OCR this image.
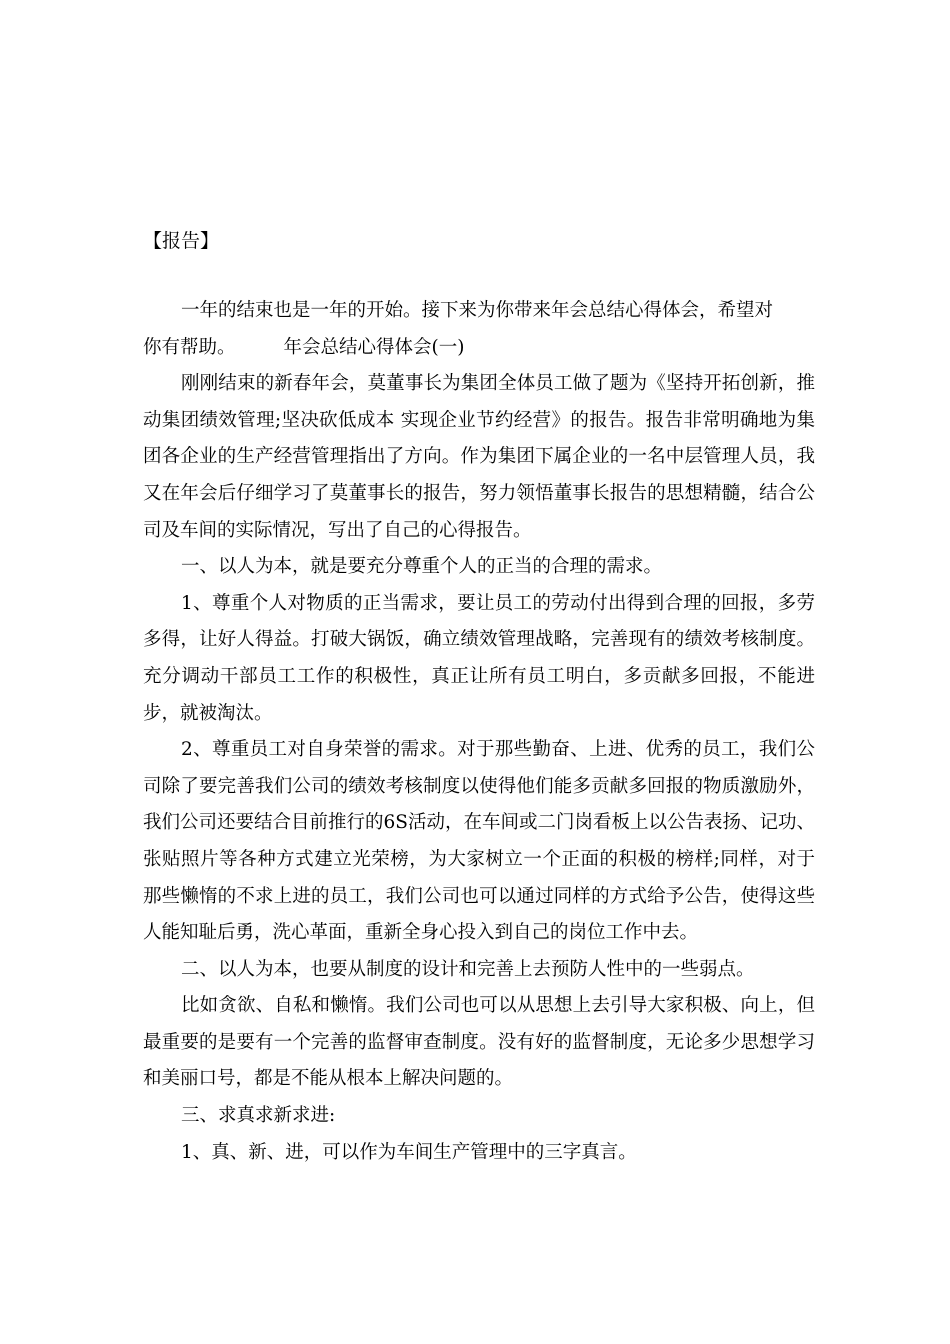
【报告】

一年的结束也是一年的开始。接下来为你带来年会总结心得体会，希望对

你有帮助。	年会总结心得体会(一)

刚刚结束的新春年会，莫董事长为集团全体员工做了题为《坚持开拓创新，推动集团绩效管理;坚决砍低成本 实现企业节约经营》的报告。报告非常明确地为集团各企业的生产经营管理指出了方向。作为集团下属企业的一名中层管理人员，我又在年会后仔细学习了莫董事长的报告，努力领悟董事长报告的思想精髓，结合公司及车间的实际情况，写出了自己的心得报告。

一、以人为本，就是要充分尊重个人的正当的合理的需求。

1、尊重个人对物质的正当需求，要让员工的劳动付出得到合理的回报，多劳多得，让好人得益。打破大锅饭，确立绩效管理战略，完善现有的绩效考核制度。充分调动干部员工工作的积极性，真正让所有员工明白，多贡献多回报，不能进步，就被淘汰。

2、尊重员工对自身荣誉的需求。对于那些勤奋、上进、优秀的员工，我们公司除了要完善我们公司的绩效考核制度以使得他们能多贡献多回报的物质激励外，我们公司还要结合目前推行的6S活动，在车间或二门岗看板上以公告表扬、记功、张贴照片等各种方式建立光荣榜，为大家树立一个正面的积极的榜样;同样，对于那些懒惰的不求上进的员工，我们公司也可以通过同样的方式给予公告，使得这些人能知耻后勇，洗心革面，重新全身心投入到自己的岗位工作中去。

二、以人为本，也要从制度的设计和完善上去预防人性中的一些弱点。

比如贪欲、自私和懒惰。我们公司也可以从思想上去引导大家积极、向上，但最重要的是要有一个完善的监督审查制度。没有好的监督制度，无论多少思想学习和美丽口号，都是不能从根本上解决问题的。

三、求真求新求进:

1、真、新、进，可以作为车间生产管理中的三字真言。
